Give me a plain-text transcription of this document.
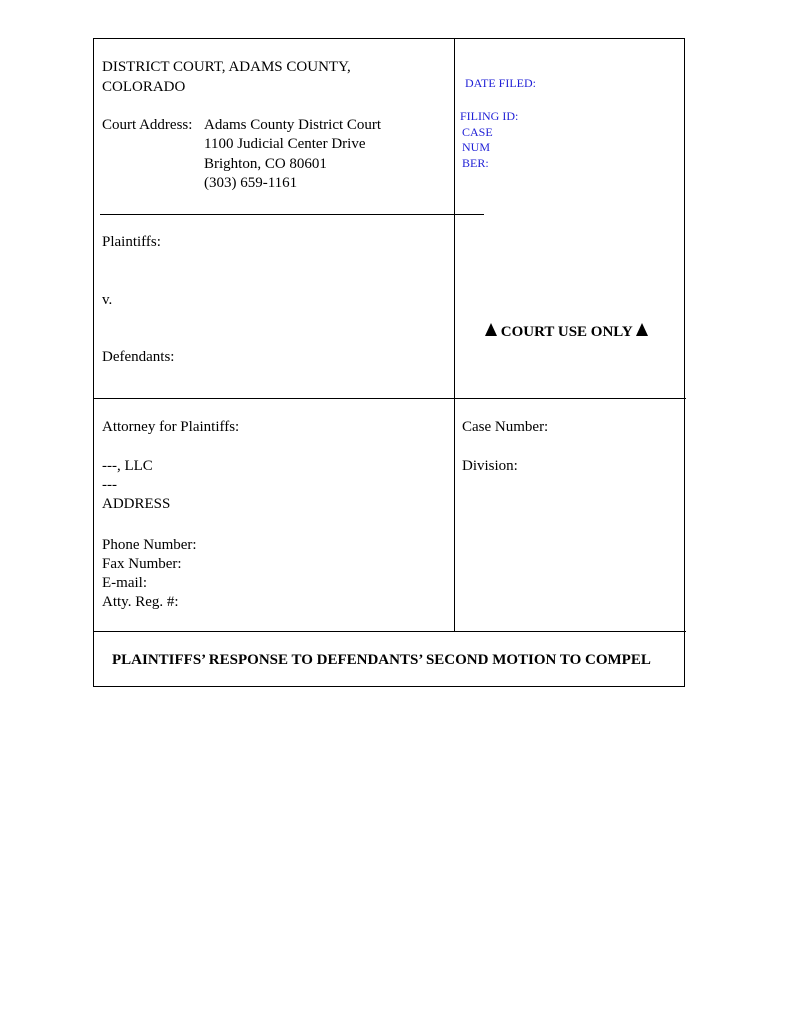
DISTRICT COURT, ADAMS COUNTY,
COLORADO
Court Address: Adams County District Court
1100 Judicial Center Drive
Brighton, CO 80601
(303) 659-1161
DATE FILED:
FILING ID:
CASE
NUM
BER:
Plaintiffs:
v.
Defendants:
COURT USE ONLY
Attorney for Plaintiffs:
---, LLC
---
ADDRESS
Phone Number:
Fax Number:
E-mail:
Atty. Reg. #:
Case Number:
Division:
PLAINTIFFS’ RESPONSE TO DEFENDANTS’ SECOND MOTION TO COMPEL
